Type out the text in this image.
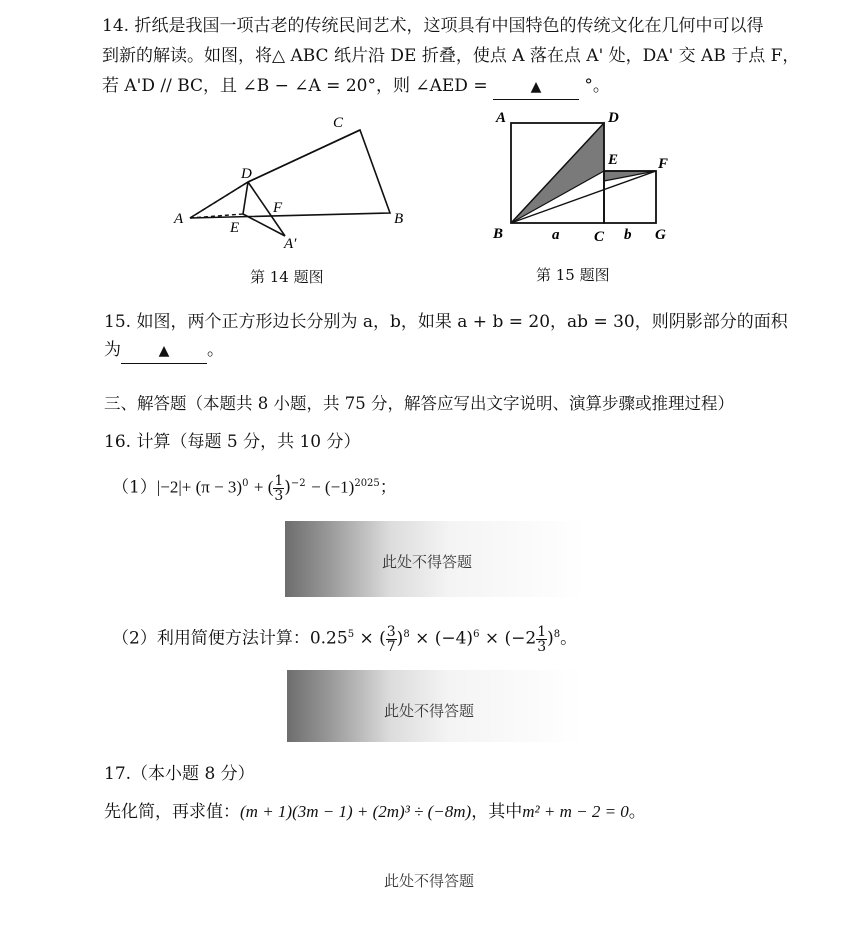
14. 折纸是我国一项古老的传统民间艺术，这项具有中国特色的传统文化在几何中可以得
到新的解读。如图，将△ ABC 纸片沿 DE 折叠，使点 A 落在点 A' 处，DA' 交 AB 于点 F，
若 A'D // BC，且 ∠B − ∠A = 20°，则 ∠AED =	▲	°。
A	B
C
D
E
F
A′
第 14 题图
A	D
E	F
B	a C b G
第 15 题图
15. 如图，两个正方形边长分别为 a，b，如果 a + b = 20，ab = 30，则阴影部分的面积
为	▲ 。
三、解答题（本题共 8 小题，共 75 分，解答应写出文字说明、演算步骤或推理过程）
16. 计算（每题 5 分，共 10 分）
$(1)|-2|+ (\pi - 3)^0$ + ( $\frac{1}{3} )^{-2} - (-1)^{2025}$；
此处不得答题
（2）利用简便方法计算：$0.25^5$ × ( $\frac{3}{7} )^8 \times (-4)^6 \times (-2 \frac{1}{3} )^8$。
此处不得答题
17.（本小题 8 分）
先化简，再求值：(m + 1)(3m − 1) + (2m)³ ÷ (−8m)，其中m² + m − 2 = 0。
此处不得答题
